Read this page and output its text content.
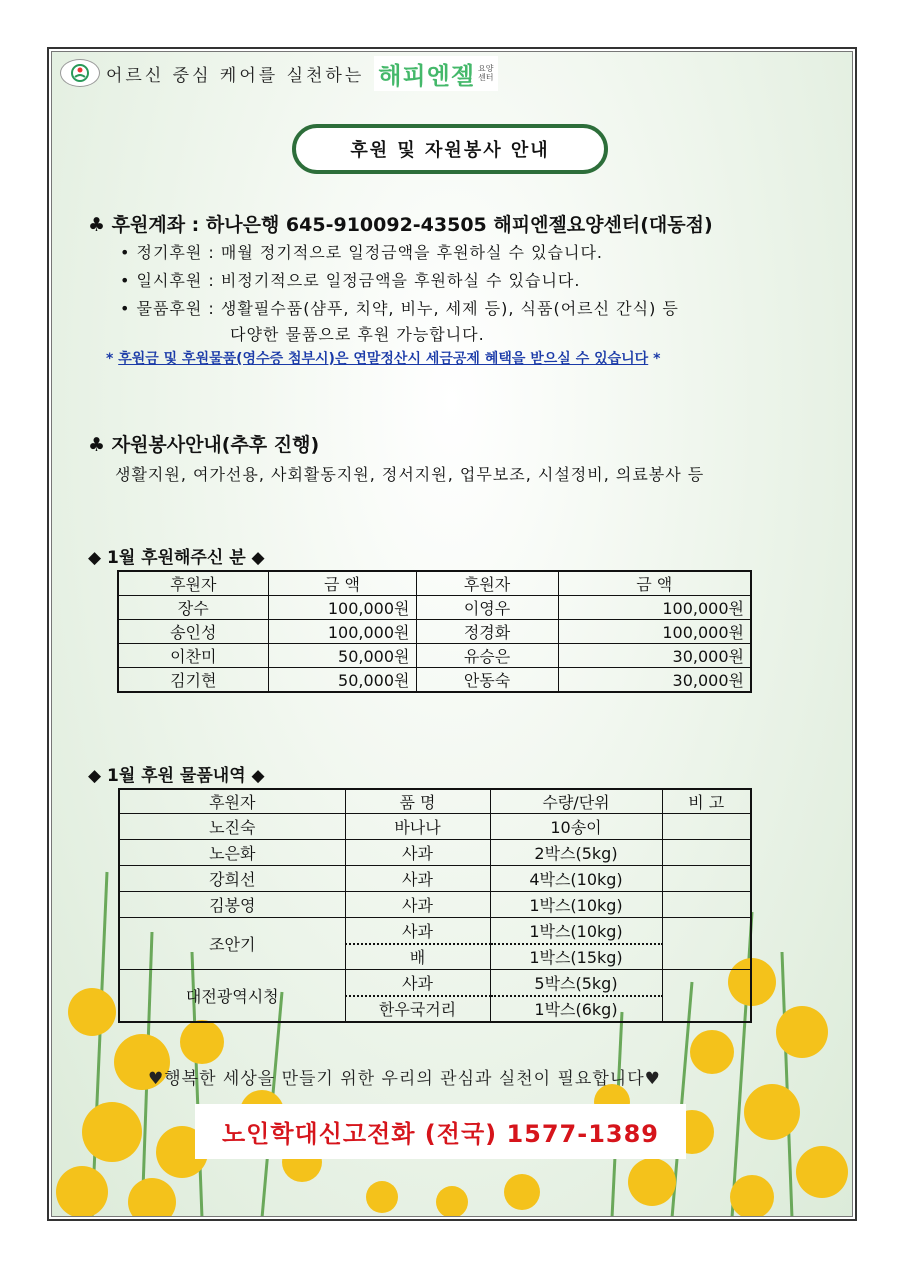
어르신 중심 케어를 실천하는 해피엔젤 요양
센터
후원 및 자원봉사 안내
♣ 후원계좌 : 하나은행 645-910092-43505 해피엔젤요양센터(대동점)
• 정기후원 : 매월 정기적으로 일정금액을 후원하실 수 있습니다.
• 일시후원 : 비정기적으로 일정금액을 후원하실 수 있습니다.
• 물품후원 : 생활필수품(샴푸, 치약, 비누, 세제 등), 식품(어르신 간식) 등
다양한 물품으로 후원 가능합니다.
* 후원금 및 후원물품(영수증 첨부시)은 연말정산시 세금공제 혜택을 받으실 수 있습니다 *
♣ 자원봉사안내(추후 진행)
생활지원, 여가선용, 사회활동지원, 정서지원, 업무보조, 시설정비, 의료봉사 등
◆ 1월 후원해주신 분 ◆
후원자	금 액	후원자	금 액
장수	100,000원	이영우	100,000원
송인성	100,000원	정경화	100,000원
이찬미	50,000원	유승은	30,000원
김기현	50,000원	안동숙	30,000원
◆ 1월 후원 물품내역 ◆
후원자	품 명	수량/단위	비 고
노진숙	바나나	10송이	
노은화	사과	2박스(5kg)	
강희선	사과	4박스(10kg)	
김봉영	사과	1박스(10kg)	
조안기	사과	1박스(10kg)	
	배	1박스(15kg)	
대전광역시청	사과	5박스(5kg)	
	한우국거리	1박스(6kg)	
♥행복한 세상을 만들기 위한 우리의 관심과 실천이 필요합니다♥
노인학대신고전화 (전국) 1577-1389
